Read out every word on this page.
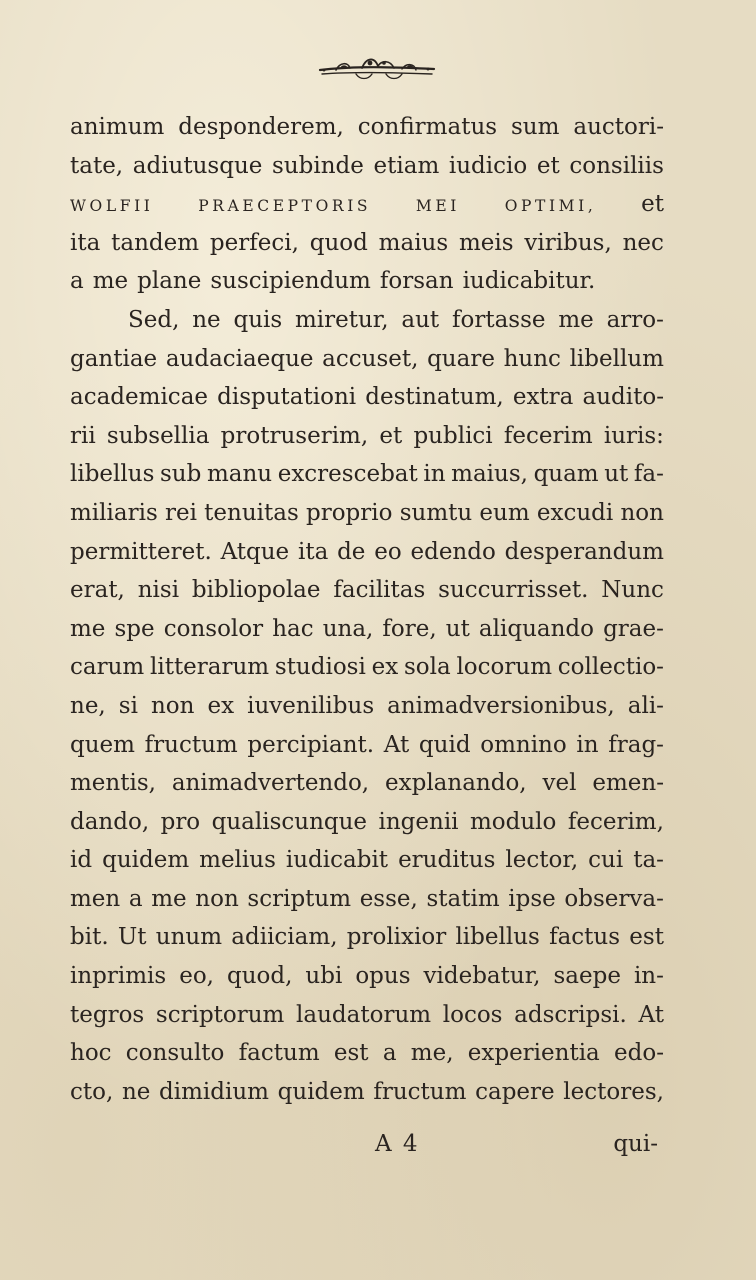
animum desponderem, confirmatus sum auctori-
tate, adiutusque subinde etiam iudicio et consiliis
WOLFII	PRAECEPTORIS	MEI	OPTIMI, et
ita tandem perfeci, quod maius meis viribus, nec
a me plane suscipiendum forsan iudicabitur.
Sed, ne quis miretur, aut fortasse me arro-
gantiae audaciaeque accuset, quare hunc libellum
academicae disputationi destinatum, extra audito-
rii subsellia protruserim, et publici fecerim iuris:
libellus sub manu excrescebat in maius, quam ut fa-
miliaris rei tenuitas proprio sumtu eum excudi non
permitteret. Atque ita de eo edendo desperandum
erat, nisi bibliopolae facilitas succurrisset. Nunc
me spe consolor hac una, fore, ut aliquando grae-
carum litterarum studiosi ex sola locorum collectio-
ne, si non ex iuvenilibus animadversionibus, ali-
quem fructum percipiant. At quid omnino in frag-
mentis, animadvertendo, explanando, vel emen-
dando, pro qualiscunque ingenii modulo fecerim,
id quidem melius iudicabit eruditus lector, cui ta-
men a me non scriptum esse, statim ipse observa-
bit. Ut unum adiiciam, prolixior libellus factus est
inprimis eo, quod, ubi opus videbatur, saepe in-
tegros scriptorum laudatorum locos adscripsi. At
hoc consulto factum est a me, experientia edo-
cto, ne dimidium quidem fructum capere lectores,
A 4	qui-
